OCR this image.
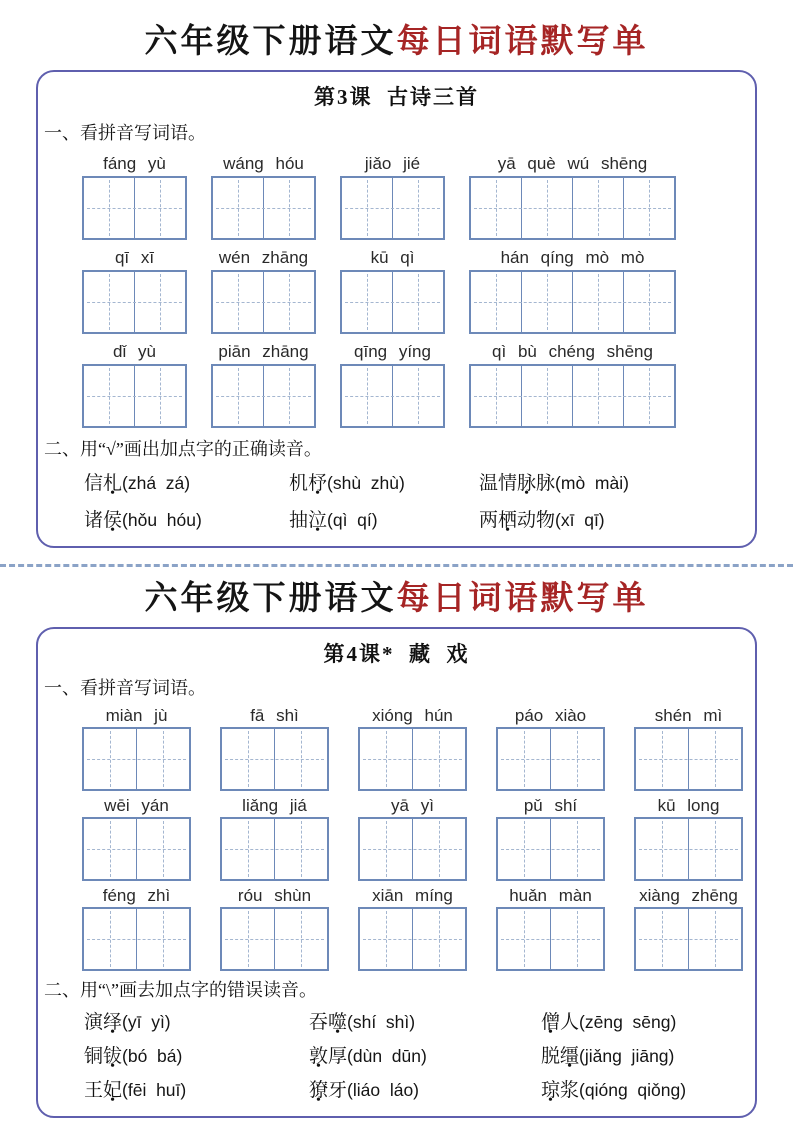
六年级下册语文每日词语默写单
第3课  古诗三首
一、看拼音写词语。
fáng yù	wáng hóu	jiǎo jié	yā què wú shēng
qī xī	wén zhāng	kū qì	hán qíng mò mò
dǐ yù	piān zhāng	qīng yíng	qì bù chéng shēng
二、用“√”画出加点字的正确读音。
信 札 • (zhá  zá)	机 杼 • (shù  zhù)	温情 脉 • 脉 (mò  mài)
诸 侯 • (hǒu  hóu)	抽 泣 • (qì  qí)	两 栖 • 动物 (xī  qī)
六年级下册语文每日词语默写单
第4课*  藏  戏
一、看拼音写词语。
miàn jù	fā shì	xióng hún	páo xiào	shén mì
wēi yán	liǎng jiá	yā yì	pǔ shí	kū long
féng zhì	róu shùn	xiān míng	huǎn màn	xiàng zhēng
二、用“\”画去加点字的错误读音。
演 绎 • (yī  yì)	吞 噬 • (shí  shì)	僧 • 人 (zēng  sēng)
铜 钹 • (bó  bá)	敦 • 厚 (dùn  dūn)	脱 缰 • (jiǎng  jiāng)
王 妃 • (fēi  huī)	獠 • 牙 (liáo  láo)	琼 • 浆 (qióng  qiǒng)
